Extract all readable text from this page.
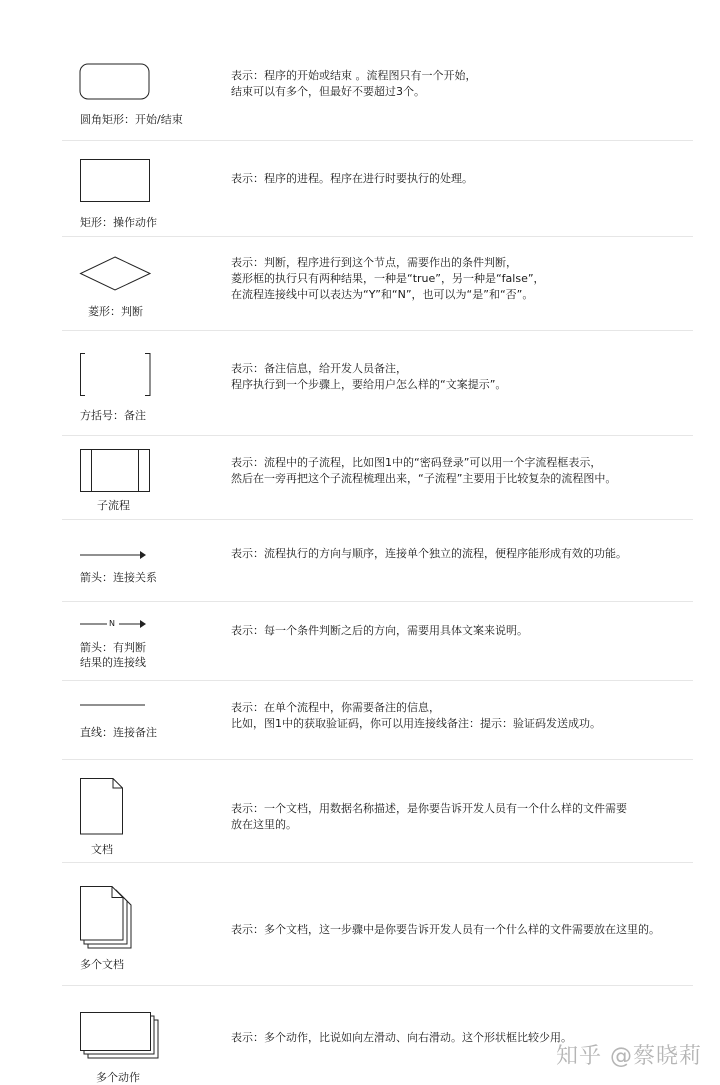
圆角矩形：开始/结束
表示：程序的开始或结束 。流程图只有一个开始，
结束可以有多个，但最好不要超过3个。
矩形：操作动作
表示：程序的进程。程序在进行时要执行的处理。
菱形：判断
表示：判断，程序进行到这个节点，需要作出的条件判断，
菱形框的执行只有两种结果，一种是“true”，另一种是“false”，
在流程连接线中可以表达为“Y”和“N”，也可以为“是”和“否”。
方括号：备注
表示：备注信息，给开发人员备注，
程序执行到一个步骤上，要给用户怎么样的“文案提示”。
子流程
表示：流程中的子流程，比如图1中的“密码登录”可以用一个字流程框表示，
然后在一旁再把这个子流程梳理出来，“子流程”主要用于比较复杂的流程图中。
箭头：连接关系
表示：流程执行的方向与顺序，连接单个独立的流程，便程序能形成有效的功能。
N
箭头：有判断
结果的连接线
表示：每一个条件判断之后的方向，需要用具体文案来说明。
直线：连接备注
表示：在单个流程中，你需要备注的信息，
比如，图1中的获取验证码，你可以用连接线备注：提示：验证码发送成功。
文档
表示：一个文档，用数据名称描述，是你要告诉开发人员有一个什么样的文件需要
放在这里的。
多个文档
表示：多个文档，这一步骤中是你要告诉开发人员有一个什么样的文件需要放在这里的。
多个动作
表示：多个动作，比说如向左滑动、向右滑动。这个形状框比较少用。
知乎 @蔡晓莉
